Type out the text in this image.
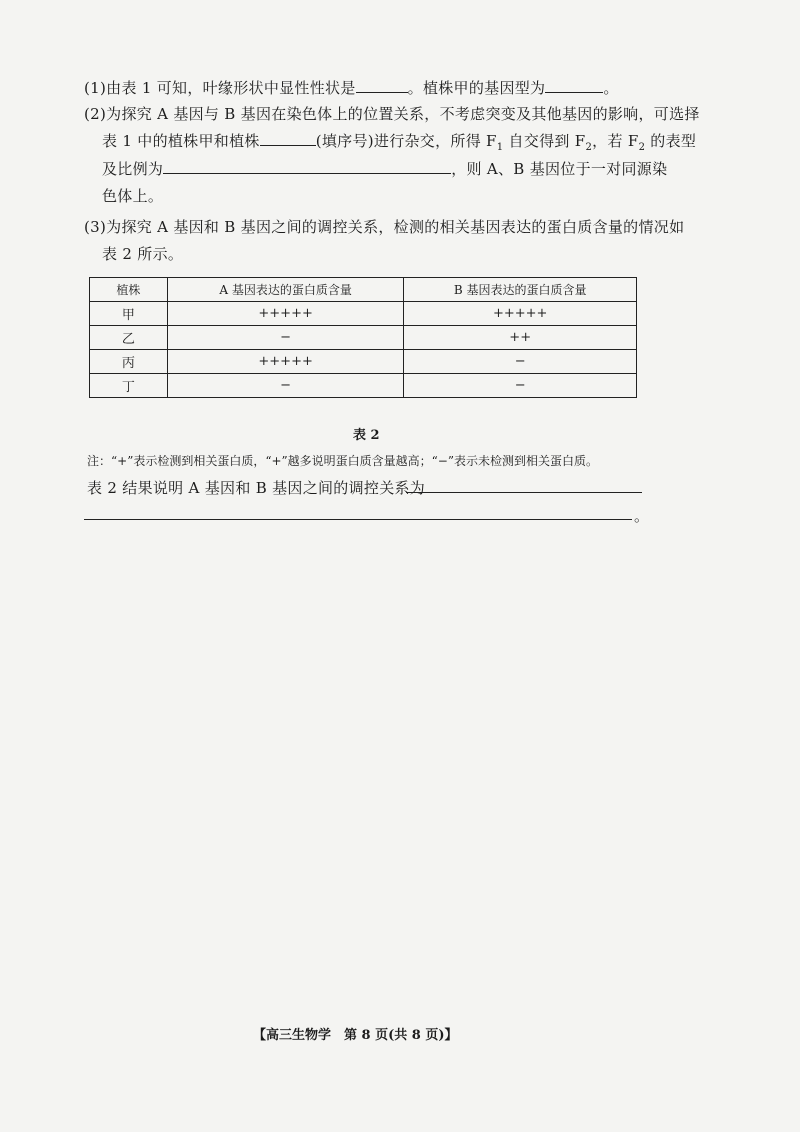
(1)由表 1 可知，叶缘形状中显性性状是	。植株甲的基因型为	。
(2)为探究 A 基因与 B 基因在染色体上的位置关系，不考虑突变及其他基因的影响，可选择
表 1 中的植株甲和植株	(填序号)进行杂交，所得 $F_1$ 自交得到 $F_2$，若 $F_2$ 的表型
及比例为	，则 A、B 基因位于一对同源染
色体上。
(3)为探究 A 基因和 B 基因之间的调控关系，检测的相关基因表达的蛋白质含量的情况如
表 2 所示。
植株	A 基因表达的蛋白质含量	B 基因表达的蛋白质含量
甲	+++++	+++++
乙	−	++
丙	+++++	−
丁	−	−
表 2
注：“+”表示检测到相关蛋白质，“+”越多说明蛋白质含量越高；“−”表示未检测到相关蛋白质。
表 2 结果说明 A 基因和 B 基因之间的调控关系为
。
【高三生物学　第 8 页(共 8 页)】
